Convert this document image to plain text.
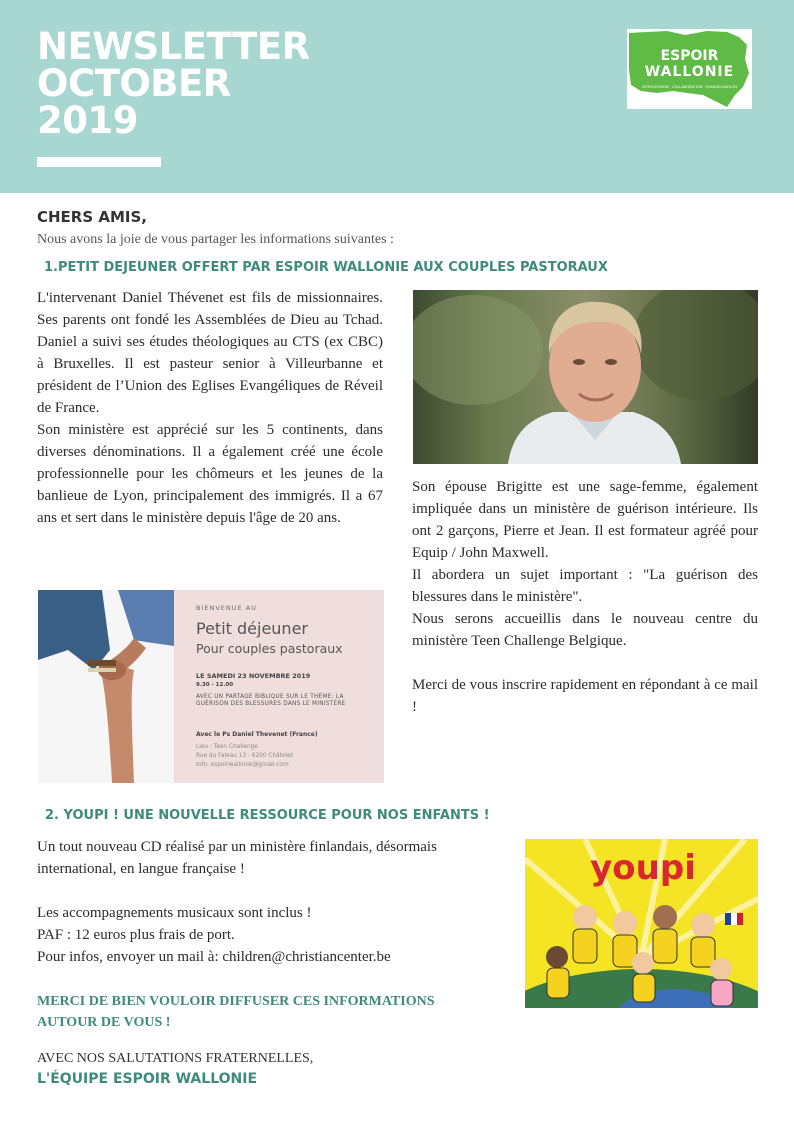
NEWSLETTER
OCTOBER
2019
ESPOIR
WALLONIE
INTERCESSION · COLLABORATION · EVANGELISATION
CHERS AMIS,
Nous avons la joie de vous partager les informations suivantes :
1.PETIT DEJEUNER OFFERT PAR ESPOIR WALLONIE AUX COUPLES PASTORAUX

L'intervenant Daniel Thévenet est fils de missionnaires. Ses parents ont fondé les Assemblées de Dieu au Tchad. Daniel a suivi ses études théologiques au CTS (ex CBC) à Bruxelles. Il est pasteur senior à Villeurbanne et président de l’Union des Eglises Evangéliques de Réveil de France.

Son ministère est apprécié sur les 5 continents, dans diverses dénominations. Il a également créé une école professionnelle pour les chômeurs et les jeunes de la banlieue de Lyon, principalement des immigrés. Il a 67 ans et sert dans le ministère depuis l'âge de 20 ans.

Son épouse Brigitte est une sage-femme, également impliquée dans un ministère de guérison intérieure. Ils ont 2 garçons, Pierre et Jean. Il est formateur agréé pour Equip / John Maxwell.

Il abordera un sujet important : "La guérison des blessures dans le ministère".

Nous serons accueillis dans le nouveau centre du ministère Teen Challenge Belgique.

Merci de vous inscrire rapidement en répondant à ce mail !

BIENVENUE AU
Petit déjeuner
Pour couples pastoraux
LE SAMEDI 23 NOVEMBRE 2019
9.30 - 12.00
AVEC UN PARTAGE BIBLIQUE SUR LE THÈME: LA GUÉRISON DES BLESSURES DANS LE MINISTÈRE
Avec le Ps Daniel Thevenet (France)
Lieu : Teen Challenge
Rue du Faleau 13 - 6200 Châtelet
Info: espoirwallonie@gmail.com
2. YOUPI ! UNE NOUVELLE RESSOURCE POUR NOS ENFANTS !

Un tout nouveau CD réalisé par un ministère finlandais, désormais international, en langue française !

Les accompagnements musicaux sont inclus !

PAF : 12 euros plus frais de port.

Pour infos, envoyer un mail à: children@christiancenter.be

youpi
MERCI DE BIEN VOULOIR DIFFUSER CES INFORMATIONS AUTOUR DE VOUS !
AVEC NOS SALUTATIONS FRATERNELLES,
L'ÉQUIPE ESPOIR WALLONIE
